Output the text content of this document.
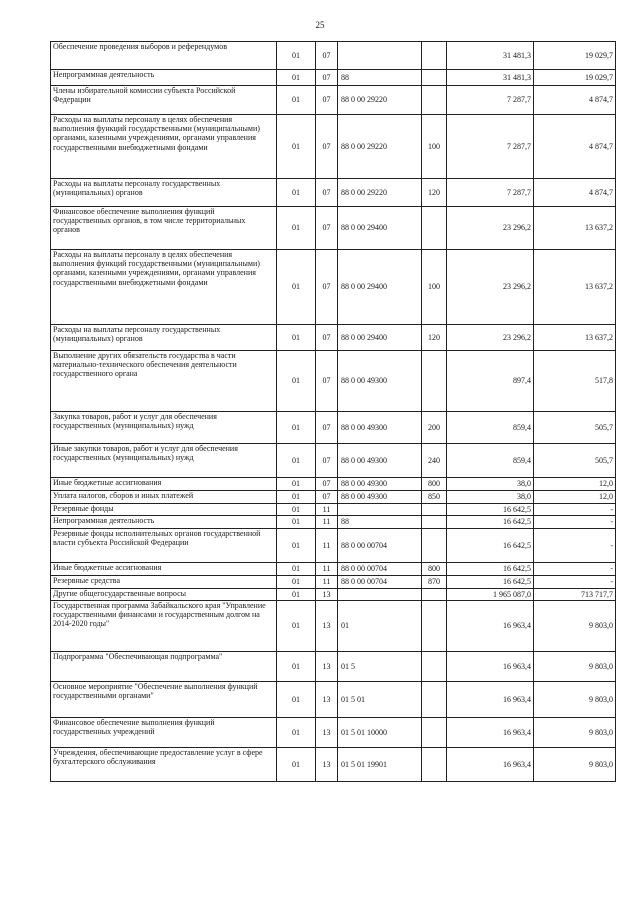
25
Обеспечение проведения выборов и референдумов	01	07			31 481,3	19 029,7
Непрограммная деятельность	01	07	88		31 481,3	19 029,7
Члены избирательной комиссии субъекта Российской Федерации	01	07	88 0 00 29220		7 287,7	4 874,7
Расходы на выплаты персоналу в целях обеспечения выполнения функций государственными (муниципальными) органами, казенными учреждениями, органами управления государственными внебюджетными фондами	01	07	88 0 00 29220	100	7 287,7	4 874,7
Расходы на выплаты персоналу государственных (муниципальных) органов	01	07	88 0 00 29220	120	7 287,7	4 874,7
Финансовое обеспечение выполнения функций государственных органов, в том числе территориальных органов	01	07	88 0 00 29400		23 296,2	13 637,2
Расходы на выплаты персоналу в целях обеспечения выполнения функций государственными (муниципальными) органами, казенными учреждениями, органами управления государственными внебюджетными фондами	01	07	88 0 00 29400	100	23 296,2	13 637,2
Расходы на выплаты персоналу государственных (муниципальных) органов	01	07	88 0 00 29400	120	23 296,2	13 637,2
Выполнение других обязательств государства в части материально-технического обеспечения деятельности государственного органа	01	07	88 0 00 49300		897,4	517,8
Закупка товаров, работ и услуг для обеспечения государственных (муниципальных) нужд	01	07	88 0 00 49300	200	859,4	505,7
Иные закупки товаров, работ и услуг для обеспечения государственных (муниципальных) нужд	01	07	88 0 00 49300	240	859,4	505,7
Иные бюджетные ассигнования	01	07	88 0 00 49300	800	38,0	12,0
Уплата налогов, сборов и иных платежей	01	07	88 0 00 49300	850	38,0	12,0
Резервные фонды	01	11			16 642,5	-
Непрограммная деятельность	01	11	88		16 642,5	-
Резервные фонды исполнительных органов государственной власти субъекта Российской Федерации	01	11	88 0 00 00704		16 642,5	-
Иные бюджетные ассигнования	01	11	88 0 00 00704	800	16 642,5	-
Резервные средства	01	11	88 0 00 00704	870	16 642,5	-
Другие общегосударственные вопросы	01	13			1 965 087,0	713 717,7
Государственная программа Забайкальского края "Управление государственными финансами и государственным долгом на 2014-2020 годы"	01	13	01		16 963,4	9 803,0
Подпрограмма "Обеспечивающая подпрограмма"	01	13	01 5		16 963,4	9 803,0
Основное мероприятие "Обеспечение выполнения функций государственными органами"	01	13	01 5 01		16 963,4	9 803,0
Финансовое обеспечение выполнения функций государственных учреждений	01	13	01 5 01 10000		16 963,4	9 803,0
Учреждения, обеспечивающие предоставление услуг в сфере бухгалтерского обслуживания	01	13	01 5 01 19901		16 963,4	9 803,0
